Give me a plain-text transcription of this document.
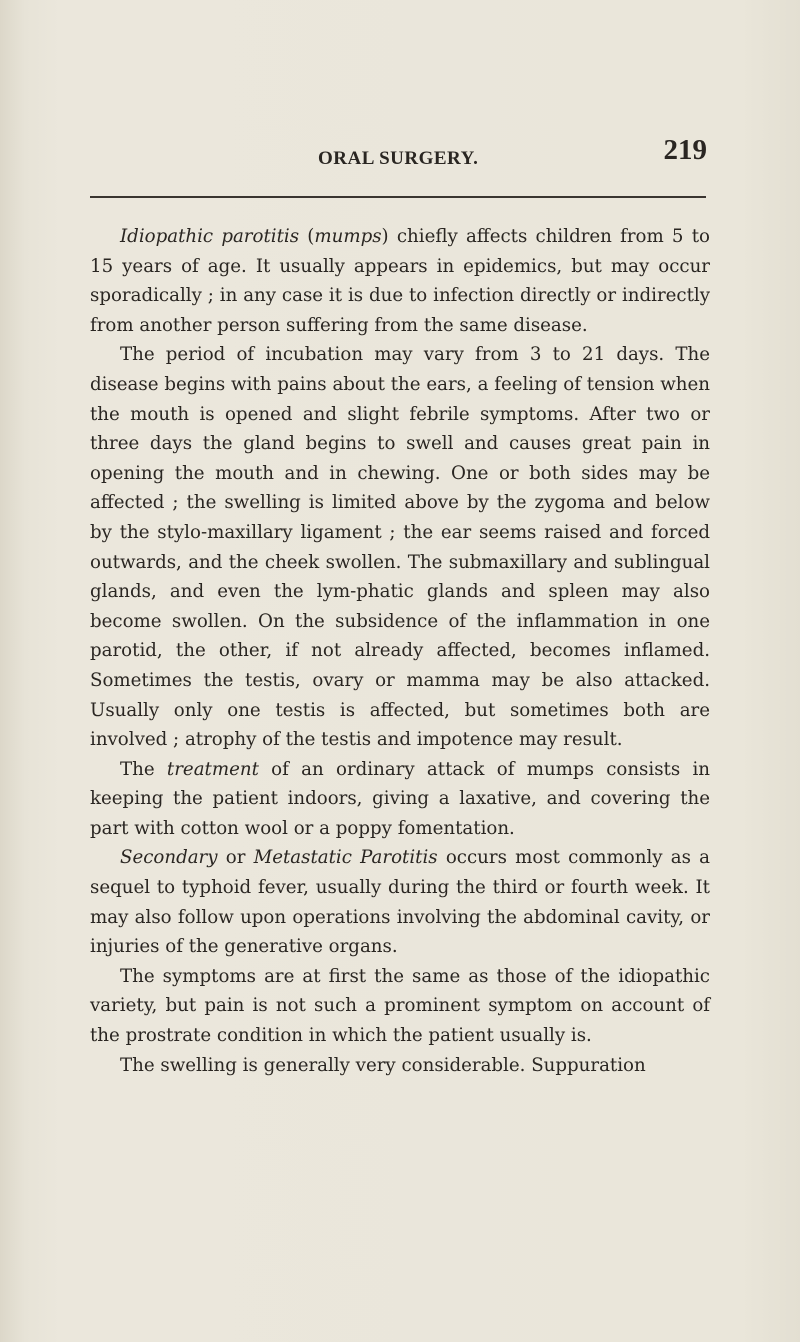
ORAL SURGERY.	219

Idiopathic parotitis (mumps) chiefly affects children from 5 to 15 years of age. It usually appears in epidemics, but may occur sporadically ; in any case it is due to infection directly or indirectly from another person suffering from the same disease.

The period of incubation may vary from 3 to 21 days. The disease begins with pains about the ears, a feeling of tension when the mouth is opened and slight febrile symptoms. After two or three days the gland begins to swell and causes great pain in opening the mouth and in chewing. One or both sides may be affected ; the swelling is limited above by the zygoma and below by the stylo-maxillary ligament ; the ear seems raised and forced outwards, and the cheek swollen. The submaxillary and sublingual glands, and even the lym-phatic glands and spleen may also become swollen. On the subsidence of the inflammation in one parotid, the other, if not already affected, becomes inflamed. Sometimes the testis, ovary or mamma may be also attacked. Usually only one testis is affected, but sometimes both are involved ; atrophy of the testis and impotence may result.

The treatment of an ordinary attack of mumps consists in keeping the patient indoors, giving a laxative, and covering the part with cotton wool or a poppy fomentation.

Secondary or Metastatic Parotitis occurs most commonly as a sequel to typhoid fever, usually during the third or fourth week. It may also follow upon operations involving the abdominal cavity, or injuries of the generative organs.

The symptoms are at first the same as those of the idiopathic variety, but pain is not such a prominent symptom on account of the prostrate condition in which the patient usually is.

The swelling is generally very considerable. Suppuration
